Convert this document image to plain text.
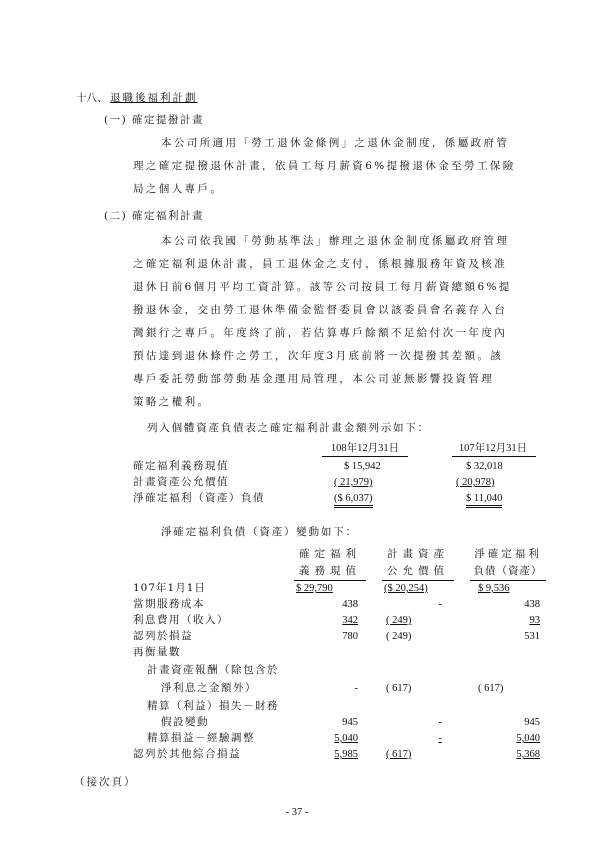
十八、 退職後福利計劃
(一) 確定提撥計畫
本公司所適用「勞工退休金條例」之退休金制度，係屬政府管
理之確定提撥退休計畫，依員工每月薪資6%提撥退休金至勞工保險
局之個人專戶。
(二) 確定福利計畫
本公司依我國「勞動基準法」辦理之退休金制度係屬政府管理
之確定福利退休計畫，員工退休金之支付，係根據服務年資及核准
退休日前6個月平均工資計算。該等公司按員工每月薪資總額6%提
撥退休金，交由勞工退休準備金監督委員會以該委員會名義存入台
灣銀行之專戶。年度終了前，若估算專戶餘額不足給付次一年度內
預估達到退休條件之勞工，次年度3月底前將一次提撥其差額。該
專戶委託勞動部勞動基金運用局管理，本公司並無影響投資管理
策略之權利。
列入個體資產負債表之確定福利計畫金額列示如下：
108年12月31日	107年12月31日
確定福利義務現值	$ 15,942	$ 32,018
計畫資產公允價值	( 21,979)	( 20,978)
淨確定福利（資產）負債	($ 6,037)	$ 11,040
淨確定福利負債（資產）變動如下：
確定福利
義務現值
計畫資產
公允價值
淨確定福利
負債（資產）
107年1月1日	$ 29,790	($ 20,254)	$ 9,536
當期服務成本	438	-	438
利息費用（收入）	342	( 249)	93
認列於損益	780	( 249)	531
再衡量數
計畫資產報酬（除包含於
淨利息之金額外）	-	( 617)	( 617)
精算（利益）損失－財務
假設變動	945	-	945
精算損益－經驗調整	5,040	-	5,040
認列於其他綜合損益	5,985	( 617)	5,368
（接次頁）
- 37 -
